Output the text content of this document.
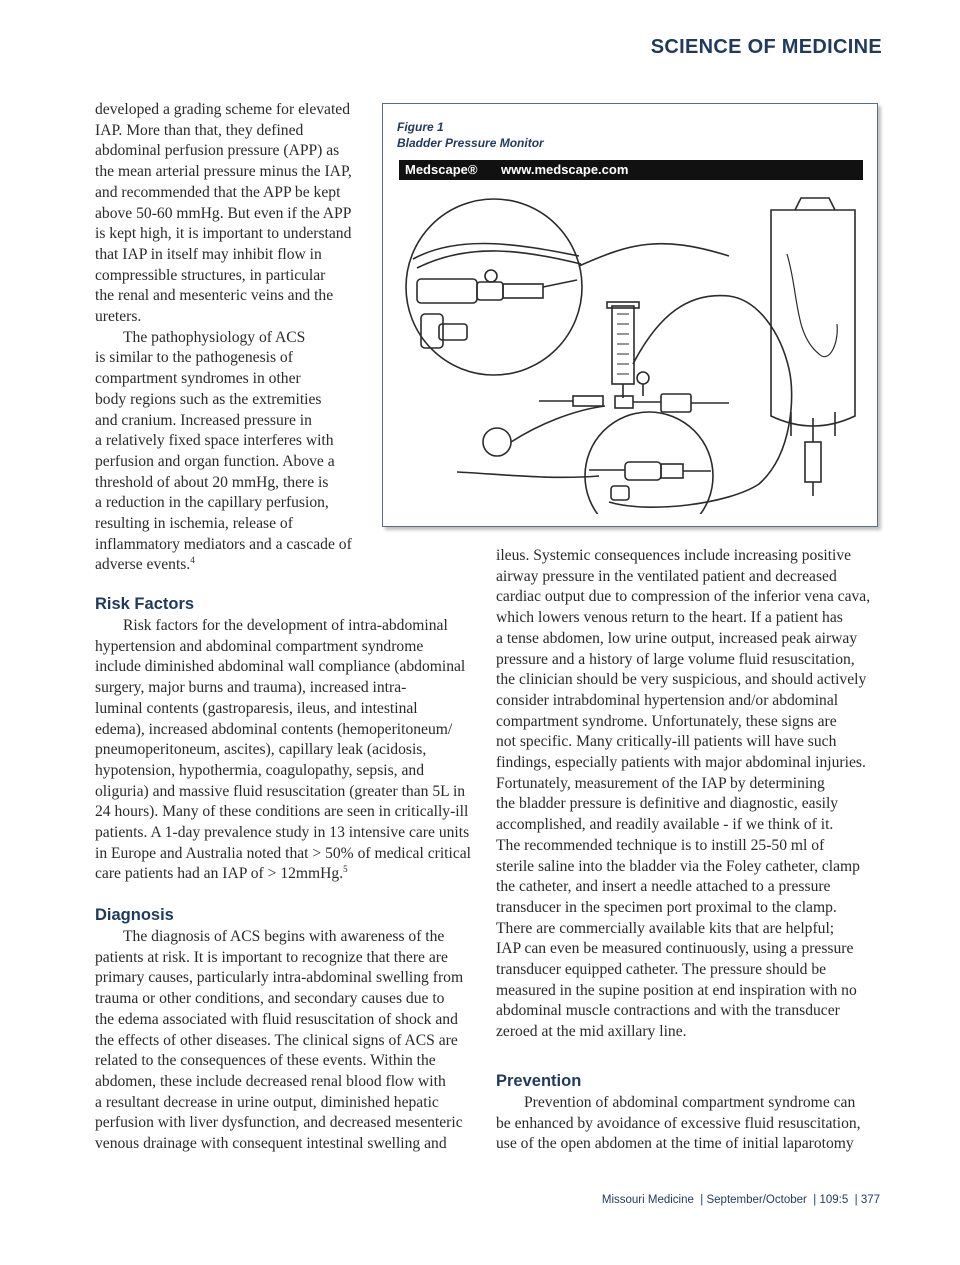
SCIENCE OF MEDICINE

developed a grading scheme for elevated
IAP. More than that, they defined
abdominal perfusion pressure (APP) as
the mean arterial pressure minus the IAP,
and recommended that the APP be kept
above 50-60 mmHg. But even if the APP
is kept high, it is important to understand
that IAP in itself may inhibit flow in
compressible structures, in particular
the renal and mesenteric veins and the
ureters.

The pathophysiology of ACS
is similar to the pathogenesis of
compartment syndromes in other
body regions such as the extremities
and cranium. Increased pressure in
a relatively fixed space interferes with
perfusion and organ function. Above a
threshold of about 20 mmHg, there is
a reduction in the capillary perfusion,
resulting in ischemia, release of
inflammatory mediators and a cascade of
adverse events.$^4$

Figure 1
Bladder Pressure Monitor
Medscape® www.medscape.com
Risk Factors

Risk factors for the development of intra-abdominal
hypertension and abdominal compartment syndrome
include diminished abdominal wall compliance (abdominal
surgery, major burns and trauma), increased intra-
luminal contents (gastroparesis, ileus, and intestinal
edema), increased abdominal contents (hemoperitoneum/
pneumoperitoneum, ascites), capillary leak (acidosis,
hypotension, hypothermia, coagulopathy, sepsis, and
oliguria) and massive fluid resuscitation (greater than 5L in
24 hours). Many of these conditions are seen in critically-ill
patients. A 1-day prevalence study in 13 intensive care units
in Europe and Australia noted that > 50% of medical critical
care patients had an IAP of > 12mmHg.$^5$

Diagnosis

The diagnosis of ACS begins with awareness of the
patients at risk. It is important to recognize that there are
primary causes, particularly intra-abdominal swelling from
trauma or other conditions, and secondary causes due to
the edema associated with fluid resuscitation of shock and
the effects of other diseases. The clinical signs of ACS are
related to the consequences of these events. Within the
abdomen, these include decreased renal blood flow with
a resultant decrease in urine output, diminished hepatic
perfusion with liver dysfunction, and decreased mesenteric
venous drainage with consequent intestinal swelling and

ileus. Systemic consequences include increasing positive
airway pressure in the ventilated patient and decreased
cardiac output due to compression of the inferior vena cava,
which lowers venous return to the heart. If a patient has
a tense abdomen, low urine output, increased peak airway
pressure and a history of large volume fluid resuscitation,
the clinician should be very suspicious, and should actively
consider intrabdominal hypertension and/or abdominal
compartment syndrome. Unfortunately, these signs are
not specific. Many critically-ill patients will have such
findings, especially patients with major abdominal injuries.
Fortunately, measurement of the IAP by determining
the bladder pressure is definitive and diagnostic, easily
accomplished, and readily available - if we think of it.
The recommended technique is to instill 25-50 ml of
sterile saline into the bladder via the Foley catheter, clamp
the catheter, and insert a needle attached to a pressure
transducer in the specimen port proximal to the clamp.
There are commercially available kits that are helpful;
IAP can even be measured continuously, using a pressure
transducer equipped catheter. The pressure should be
measured in the supine position at end inspiration with no
abdominal muscle contractions and with the transducer
zeroed at the mid axillary line.

Prevention

Prevention of abdominal compartment syndrome can
be enhanced by avoidance of excessive fluid resuscitation,
use of the open abdomen at the time of initial laparotomy

Missouri Medicine | September/October | 109:5 | 377
